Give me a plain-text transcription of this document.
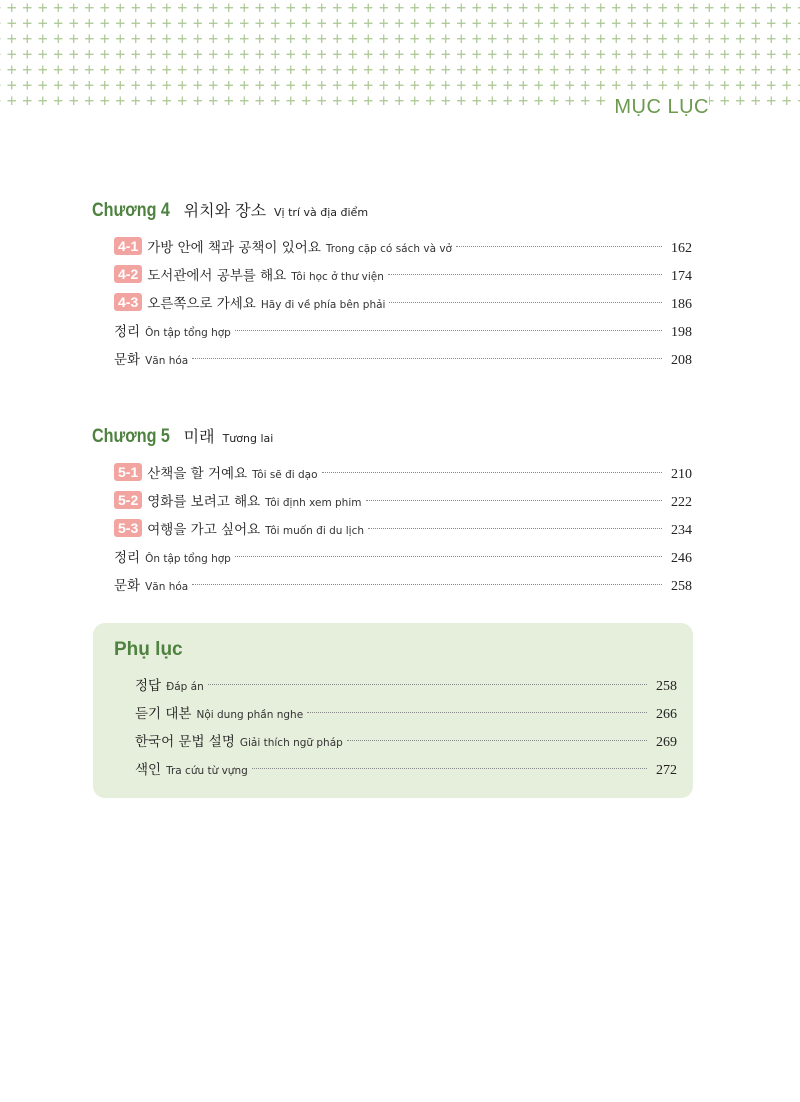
MỤC LỤC
Chương 4 위치와 장소 Vị trí và địa điểm
4-1 가방 안에 책과 공책이 있어요 Trong cặp có sách và vở	162
4-2 도서관에서 공부를 해요 Tôi học ở thư viện	174
4-3 오른쪽으로 가세요 Hãy đi về phía bên phải	186
정리 Ôn tập tổng hợp	198
문화 Văn hóa	208
Chương 5 미래 Tương lai
5-1 산책을 할 거예요 Tôi sẽ đi dạo	210
5-2 영화를 보려고 해요 Tôi định xem phim	222
5-3 여행을 가고 싶어요 Tôi muốn đi du lịch	234
정리 Ôn tập tổng hợp	246
문화 Văn hóa	258
Phụ lục
정답 Đáp án	258
듣기 대본 Nội dung phần nghe	266
한국어 문법 설명 Giải thích ngữ pháp	269
색인 Tra cứu từ vựng	272
